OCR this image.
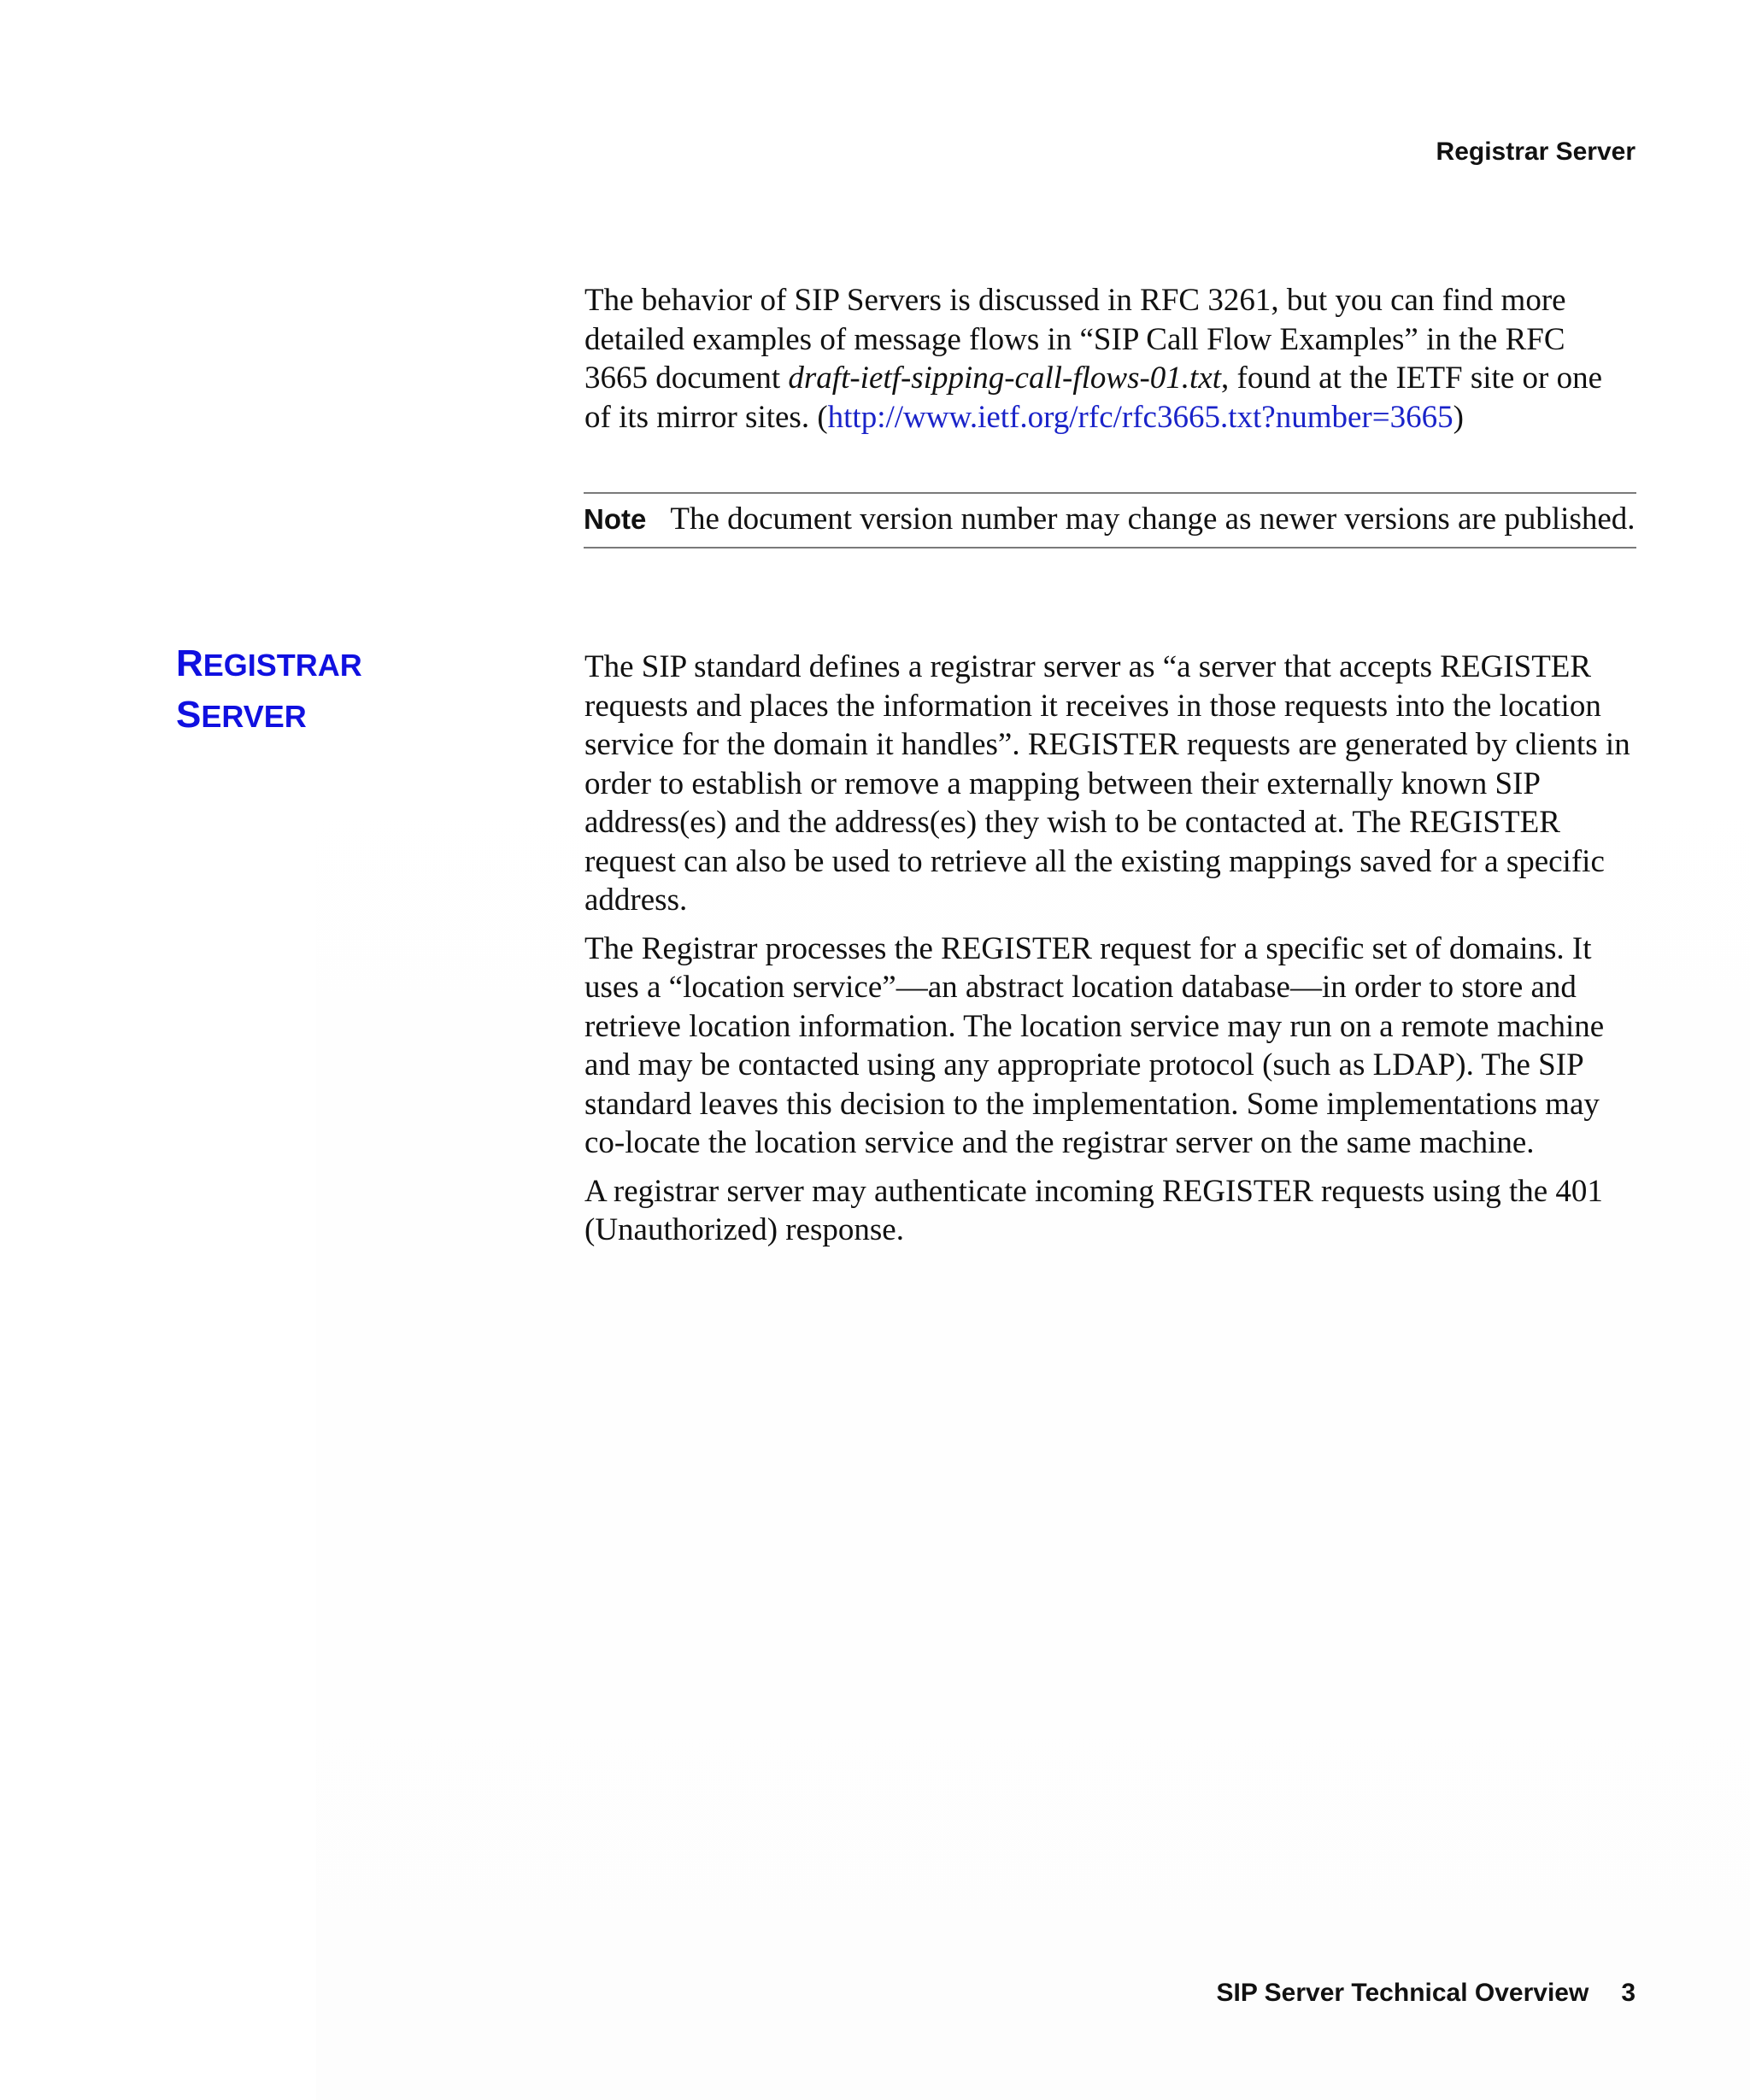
Registrar Server

The behavior of SIP Servers is discussed in RFC 3261, but you can find more detailed examples of message flows in “SIP Call Flow Examples” in the RFC 3665 document draft-ietf-sipping-call-flows-01.txt, found at the IETF site or one of its mirror sites. (http://www.ietf.org/rfc/rfc3665.txt?number=3665)

Note The document version number may change as newer versions are published.
REGISTRAR
SERVER

The SIP standard defines a registrar server as “a server that accepts REGISTER requests and places the information it receives in those requests into the location service for the domain it handles”. REGISTER requests are generated by clients in order to establish or remove a mapping between their externally known SIP address(es) and the address(es) they wish to be contacted at. The REGISTER request can also be used to retrieve all the existing mappings saved for a specific address.

The Registrar processes the REGISTER request for a specific set of domains. It uses a “location service”—an abstract location database—in order to store and retrieve location information. The location service may run on a remote machine and may be contacted using any appropriate protocol (such as LDAP). The SIP standard leaves this decision to the implementation. Some implementations may co-locate the location service and the registrar server on the same machine.

A registrar server may authenticate incoming REGISTER requests using the 401 (Unauthorized) response.

SIP Server Technical Overview 3
